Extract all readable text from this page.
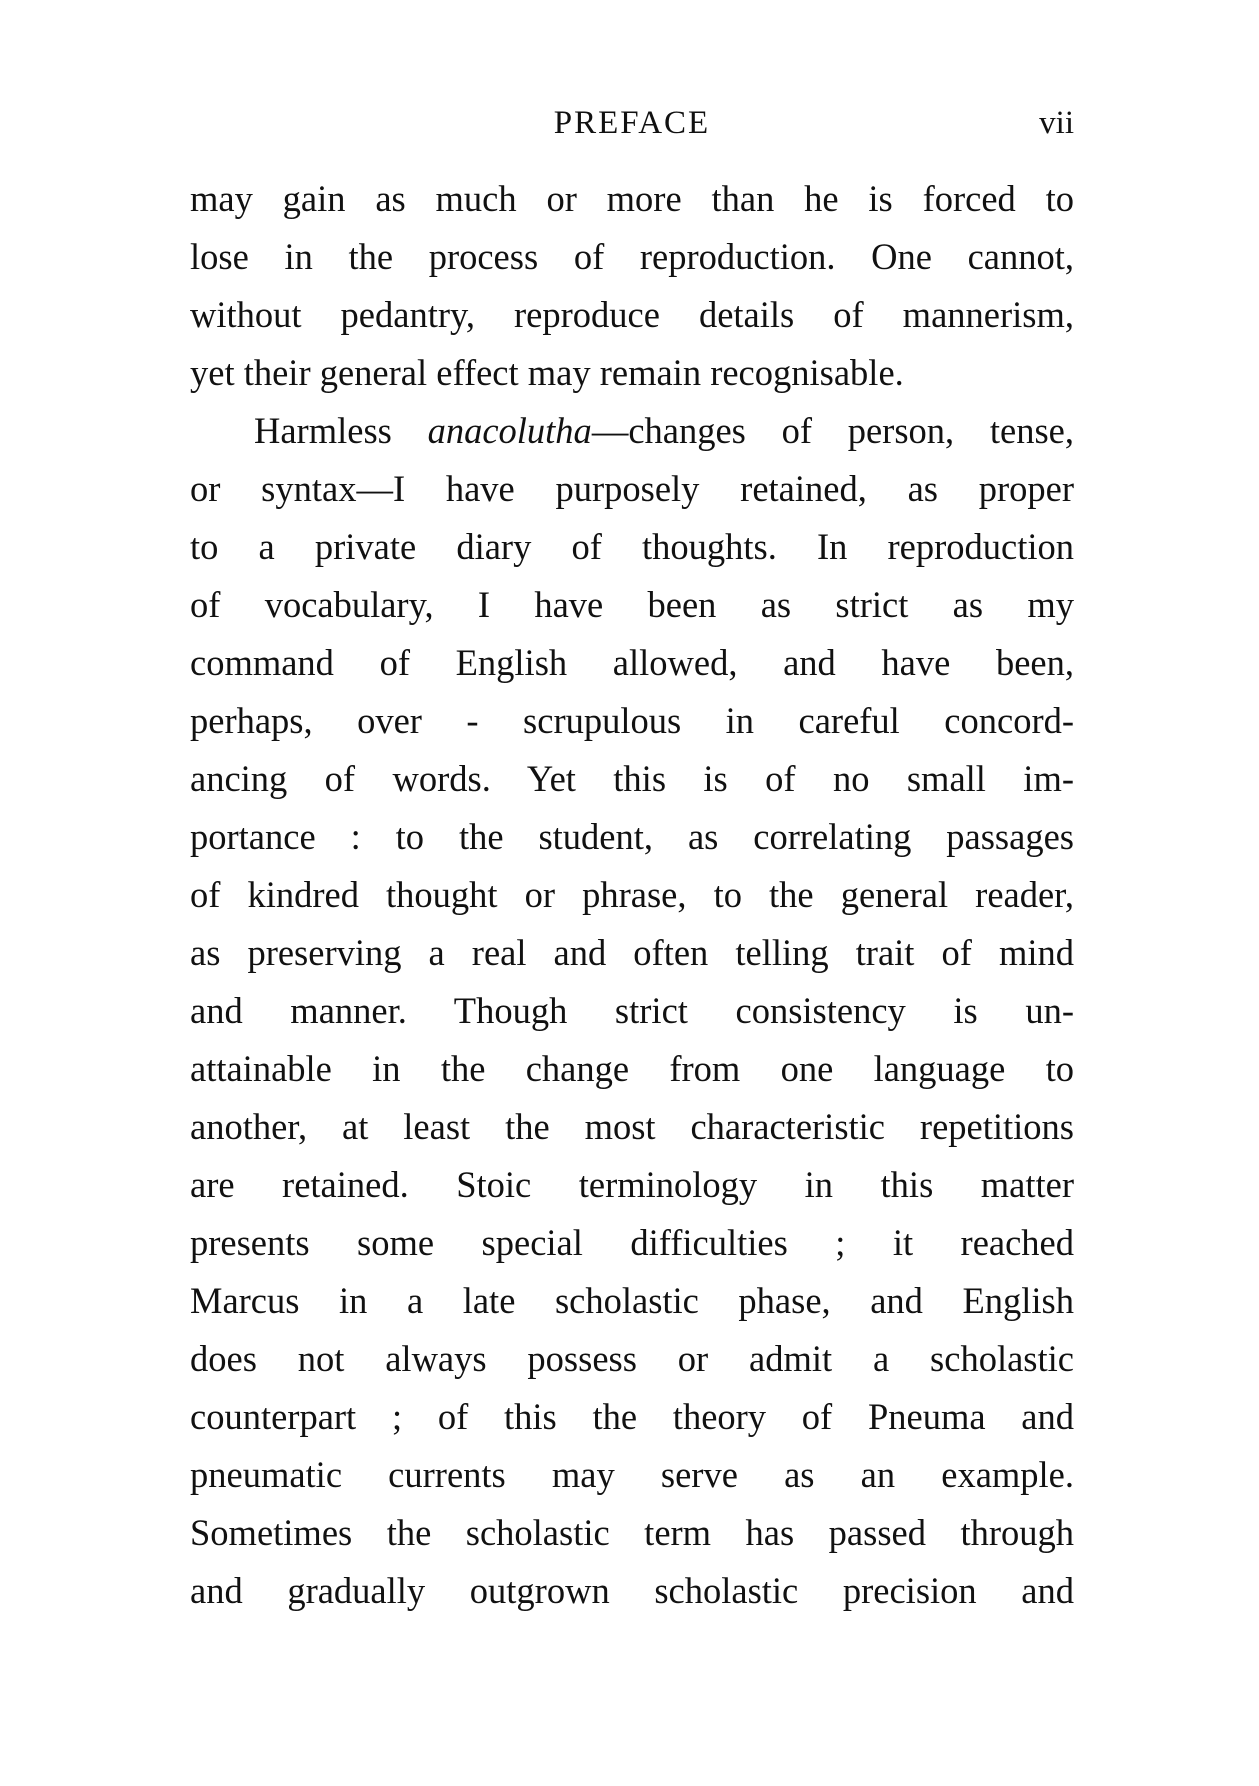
PREFACE	vii
may gain as much or more than he is forced to
lose in the process of reproduction. One cannot,
without pedantry, reproduce details of mannerism,
yet their general effect may remain recognisable.
Harmless anacolutha—changes of person, tense,
or syntax—I have purposely retained, as proper
to a private diary of thoughts. In reproduction
of vocabulary, I have been as strict as my
command of English allowed, and have been,
perhaps, over - scrupulous in careful concord-
ancing of words. Yet this is of no small im-
portance : to the student, as correlating passages
of kindred thought or phrase, to the general reader,
as preserving a real and often telling trait of mind
and manner. Though strict consistency is un-
attainable in the change from one language to
another, at least the most characteristic repetitions
are retained. Stoic terminology in this matter
presents some special difficulties ; it reached
Marcus in a late scholastic phase, and English
does not always possess or admit a scholastic
counterpart ; of this the theory of Pneuma and
pneumatic currents may serve as an example.
Sometimes the scholastic term has passed through
and gradually outgrown scholastic precision and
